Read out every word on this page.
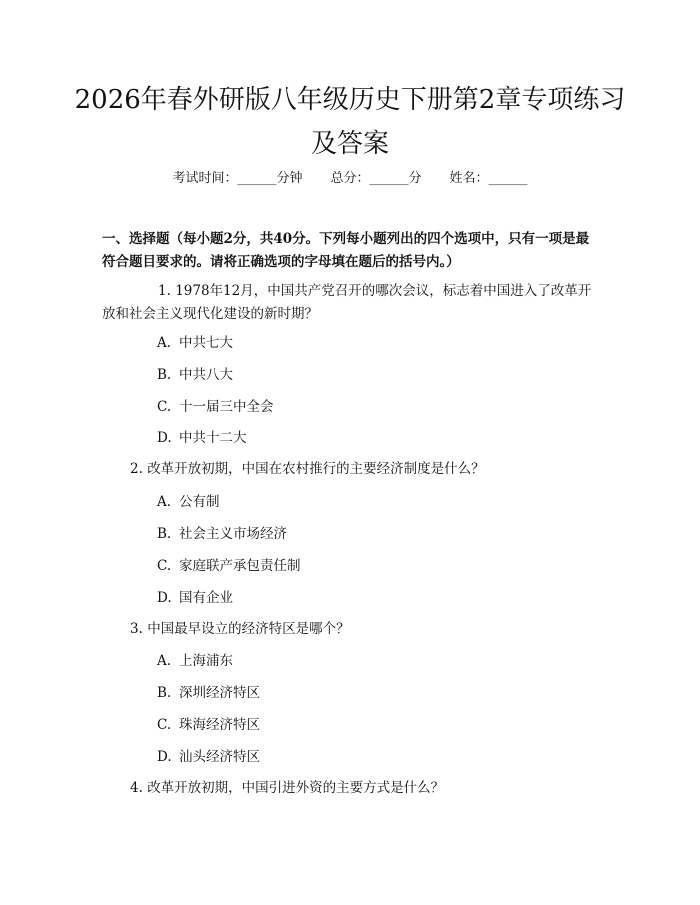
2026年春外研版八年级历史下册第2章专项练习及答案
考试时间：______分钟 总分：______分 姓名：______

一、选择题（每小题2分，共40分。下列每小题列出的四个选项中，只有一项是最符合题目要求的。请将正确选项的字母填在题后的括号内。）

1. 1978年12月，中国共产党召开的哪次会议，标志着中国进入了改革开放和社会主义现代化建设的新时期？
A. 中共七大
B. 中共八大
C. 十一届三中全会
D. 中共十二大
2. 改革开放初期，中国在农村推行的主要经济制度是什么？
A. 公有制
B. 社会主义市场经济
C. 家庭联产承包责任制
D. 国有企业
3. 中国最早设立的经济特区是哪个？
A. 上海浦东
B. 深圳经济特区
C. 珠海经济特区
D. 汕头经济特区
4. 改革开放初期，中国引进外资的主要方式是什么？
